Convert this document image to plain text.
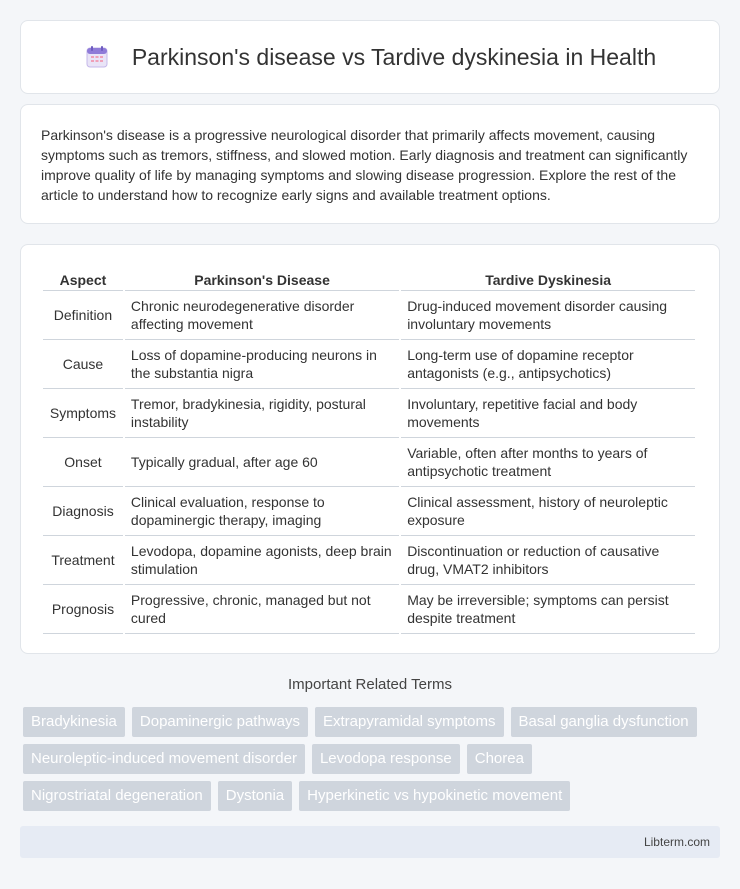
Parkinson's disease vs Tardive dyskinesia in Health

Parkinson's disease is a progressive neurological disorder that primarily affects movement, causing symptoms such as tremors, stiffness, and slowed motion. Early diagnosis and treatment can significantly improve quality of life by managing symptoms and slowing disease progression. Explore the rest of the article to understand how to recognize early signs and available treatment options.

Aspect	Parkinson's Disease	Tardive Dyskinesia
Definition	Chronic neurodegenerative disorder affecting movement	Drug-induced movement disorder causing involuntary movements
Cause	Loss of dopamine-producing neurons in the substantia nigra	Long-term use of dopamine receptor antagonists (e.g., antipsychotics)
Symptoms	Tremor, bradykinesia, rigidity, postural instability	Involuntary, repetitive facial and body movements
Onset	Typically gradual, after age 60	Variable, often after months to years of antipsychotic treatment
Diagnosis	Clinical evaluation, response to dopaminergic therapy, imaging	Clinical assessment, history of neuroleptic exposure
Treatment	Levodopa, dopamine agonists, deep brain stimulation	Discontinuation or reduction of causative drug, VMAT2 inhibitors
Prognosis	Progressive, chronic, managed but not cured	May be irreversible; symptoms can persist despite treatment
Important Related Terms
Bradykinesia	Dopaminergic pathways	Extrapyramidal symptoms	Basal ganglia dysfunction
Neuroleptic-induced movement disorder	Levodopa response	Chorea
Nigrostriatal degeneration	Dystonia	Hyperkinetic vs hypokinetic movement
Libterm.com
